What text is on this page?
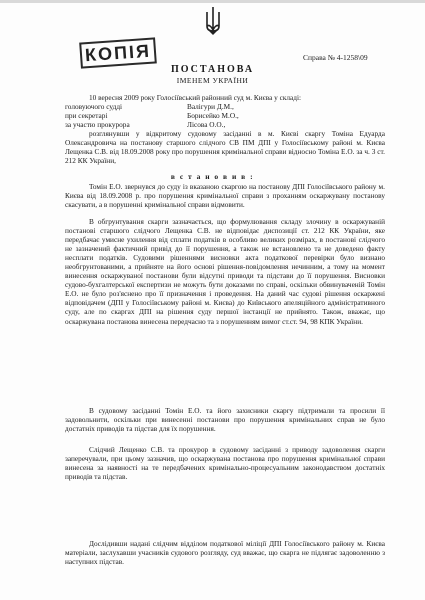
КОПІЯ	Справа № 4-1258\09
ПОСТАНОВА
ІМЕНЕМ УКРАЇНИ
10 вересня 2009 року Голосіївський районний суд м. Києва у складі:
головуючого судді	Валігури Д.М.,
при секретарі	Борисейко М.О.,
за участю прокурора	Лісова О.О.,

розглянувши у відкритому судовому засіданні в м. Києві скаргу Томіна Едуарда Олександровича на постанову старшого слідчого СВ ПМ ДПІ у Голосіївському районі м. Києва Лещенка С.В. від 18.09.2008 року про порушення кримінальної справи відносно Томіна Е.О. за ч. 3 ст. 212 КК України,

в с т а н о в и в :

Томін Е.О. звернувся до суду із вказаною скаргою на постанову ДПІ Голосіївського району м. Києва від 18.09.2008 р. про порушення кримінальної справи з проханням оскаржувану постанову скасувати, а в порушенні кримінальної справи відмовити.

В обгрунтування скарги зазначається, що формулювання складу злочину в оскаржуваній постанові старшого слідчого Лещенка С.В. не відповідає диспозиції ст. 212 КК України, яке передбачає умисне ухилення від сплати податків в особливо великих розмірах, в постанові слідчого не зазначений фактичний привід до її порушення, а також не встановлено та не доведено факту несплати податків. Судовими рішеннями висновки акта податкової перевірки було визнано необгрунтованими, а прийняте на його основі рішення-повідомлення нечинним, а тому на момент винесення оскаржуваної постанови були відсутні приводи та підстави до її порушення. Висновки судово-бухгалтерської експертизи не можуть бути доказами по справі, оскільки обвинуваченій Томін Е.О. не було роз'яснено про її призначення і проведення. На даний час судові рішення оскаржені відповідачем (ДПІ у Голосіївському районі м. Києва) до Київського апеляційного адміністративного суду, але по скаргах ДПІ на рішення суду першої інстанції не прийнято. Також, вважає, що оскаржувана постанова винесена передчасно та з порушенням вимог ст.ст. 94, 98 КПК України.

В судовому засіданні Томін Е.О. та його захисники скаргу підтримали та просили її задовольнити, оскільки при винесенні постанови про порушення кримінальних справ не було достатніх приводів та підстав для їх порушення.

Слідчий Лещенко С.В. та прокурор в судовому засіданні з приводу задоволення скарги заперечували, при цьому зазначив, що оскаржувана постанова про порушення кримінальної справи винесена за наявності на те передбачених кримінально-процесуальним законодавством достатніх приводів та підстав.

Дослідивши надані слідчим відділом податкової міліції ДПІ Голосіївського району м. Києва матеріали, заслухавши учасників судового розгляду, суд вважає, що скарга не підлягає задоволенню з наступних підстав.
